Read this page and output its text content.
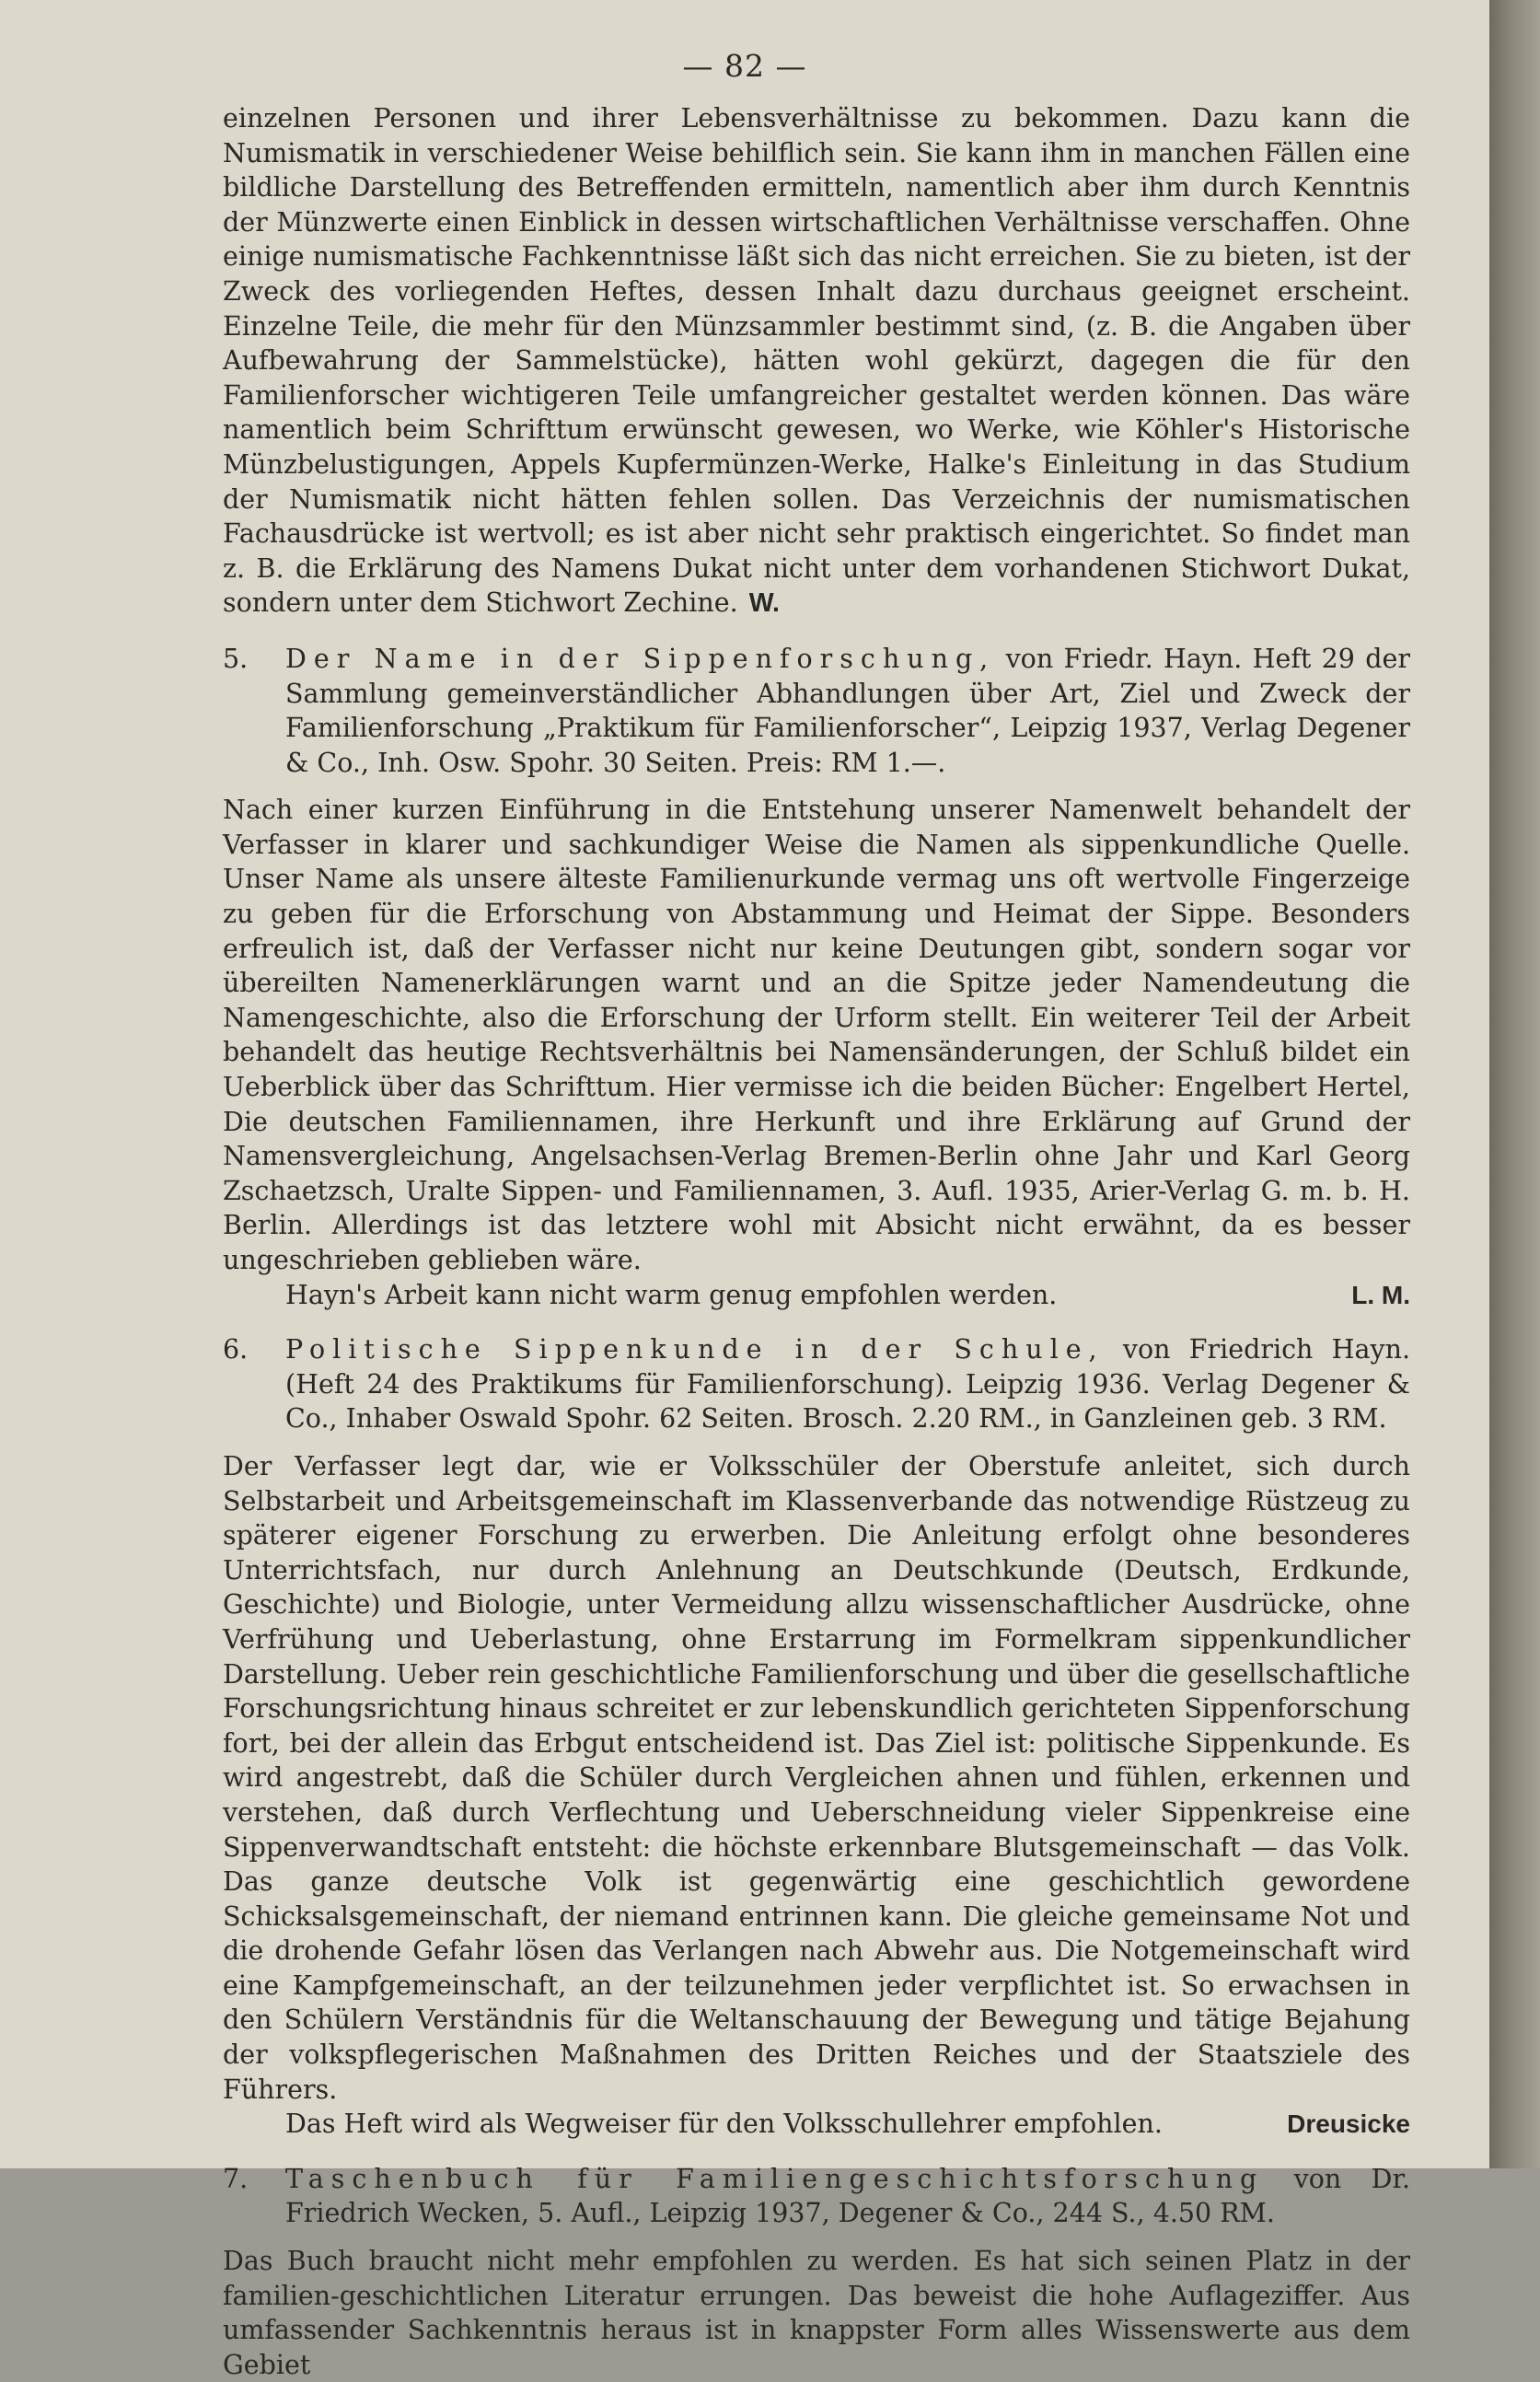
— 82 —

einzelnen Personen und ihrer Lebensverhältnisse zu bekommen. Dazu kann die Numismatik in verschiedener Weise behilflich sein. Sie kann ihm in manchen Fällen eine bildliche Darstellung des Betreffenden ermitteln, namentlich aber ihm durch Kenntnis der Münzwerte einen Einblick in dessen wirtschaftlichen Verhältnisse verschaffen. Ohne einige numismatische Fachkenntnisse läßt sich das nicht erreichen. Sie zu bieten, ist der Zweck des vorliegenden Heftes, dessen Inhalt dazu durchaus geeignet erscheint. Einzelne Teile, die mehr für den Münzsammler bestimmt sind, (z. B. die Angaben über Aufbewahrung der Sammelstücke), hätten wohl gekürzt, dagegen die für den Familienforscher wichtigeren Teile umfangreicher gestaltet werden können. Das wäre namentlich beim Schrifttum erwünscht gewesen, wo Werke, wie Köhler's Historische Münzbelustigungen, Appels Kupfermünzen-Werke, Halke's Einleitung in das Studium der Numismatik nicht hätten fehlen sollen. Das Verzeichnis der numismatischen Fachausdrücke ist wertvoll; es ist aber nicht sehr praktisch eingerichtet. So findet man z. B. die Erklärung des Namens Dukat nicht unter dem vorhandenen Stichwort Dukat, sondern unter dem Stichwort Zechine. W.

5. Der Name in der Sippenforschung, von Friedr. Hayn. Heft 29 der Sammlung gemeinverständlicher Abhandlungen über Art, Ziel und Zweck der Familienforschung „Praktikum für Familienforscher“, Leipzig 1937, Verlag Degener & Co., Inh. Osw. Spohr. 30 Seiten. Preis: RM 1.—.

Nach einer kurzen Einführung in die Entstehung unserer Namenwelt behandelt der Verfasser in klarer und sachkundiger Weise die Namen als sippenkundliche Quelle. Unser Name als unsere älteste Familienurkunde vermag uns oft wertvolle Fingerzeige zu geben für die Erforschung von Abstammung und Heimat der Sippe. Besonders erfreulich ist, daß der Verfasser nicht nur keine Deutungen gibt, sondern sogar vor übereilten Namenerklärungen warnt und an die Spitze jeder Namendeutung die Namengeschichte, also die Erforschung der Urform stellt. Ein weiterer Teil der Arbeit behandelt das heutige Rechtsverhältnis bei Namensänderungen, der Schluß bildet ein Ueberblick über das Schrifttum. Hier vermisse ich die beiden Bücher: Engelbert Hertel, Die deutschen Familiennamen, ihre Herkunft und ihre Erklärung auf Grund der Namensvergleichung, Angelsachsen-Verlag Bremen-Berlin ohne Jahr und Karl Georg Zschaetzsch, Uralte Sippen- und Familiennamen, 3. Aufl. 1935, Arier-Verlag G. m. b. H. Berlin. Allerdings ist das letztere wohl mit Absicht nicht erwähnt, da es besser ungeschrieben geblieben wäre.

L. M.
Hayn's Arbeit kann nicht warm genug empfohlen werden.

6. Politische Sippenkunde in der Schule, von Friedrich Hayn. (Heft 24 des Praktikums für Familienforschung). Leipzig 1936. Verlag Degener & Co., Inhaber Oswald Spohr. 62 Seiten. Brosch. 2.20 RM., in Ganzleinen geb. 3 RM.

Der Verfasser legt dar, wie er Volksschüler der Oberstufe anleitet, sich durch Selbstarbeit und Arbeitsgemeinschaft im Klassenverbande das notwendige Rüstzeug zu späterer eigener Forschung zu erwerben. Die Anleitung erfolgt ohne besonderes Unterrichtsfach, nur durch Anlehnung an Deutschkunde (Deutsch, Erdkunde, Geschichte) und Biologie, unter Vermeidung allzu wissenschaftlicher Ausdrücke, ohne Verfrühung und Ueberlastung, ohne Erstarrung im Formelkram sippenkundlicher Darstellung. Ueber rein geschichtliche Familienforschung und über die gesellschaftliche Forschungsrichtung hinaus schreitet er zur lebenskundlich gerichteten Sippenforschung fort, bei der allein das Erbgut entscheidend ist. Das Ziel ist: politische Sippenkunde. Es wird angestrebt, daß die Schüler durch Vergleichen ahnen und fühlen, erkennen und verstehen, daß durch Verflechtung und Ueberschneidung vieler Sippenkreise eine Sippenverwandtschaft entsteht: die höchste erkennbare Blutsgemeinschaft — das Volk. Das ganze deutsche Volk ist gegenwärtig eine geschichtlich gewordene Schicksalsgemeinschaft, der niemand entrinnen kann. Die gleiche gemeinsame Not und die drohende Gefahr lösen das Verlangen nach Abwehr aus. Die Notgemeinschaft wird eine Kampfgemeinschaft, an der teilzunehmen jeder verpflichtet ist. So erwachsen in den Schülern Verständnis für die Weltanschauung der Bewegung und tätige Bejahung der volkspflegerischen Maßnahmen des Dritten Reiches und der Staatsziele des Führers.

Dreusicke
Das Heft wird als Wegweiser für den Volksschullehrer empfohlen.

7. Taschenbuch für Familiengeschichtsforschung von Dr. Friedrich Wecken, 5. Aufl., Leipzig 1937, Degener & Co., 244 S., 4.50 RM.

Das Buch braucht nicht mehr empfohlen zu werden. Es hat sich seinen Platz in der familien-geschichtlichen Literatur errungen. Das beweist die hohe Auflageziffer. Aus umfassender Sachkenntnis heraus ist in knappster Form alles Wissenswerte aus dem Gebiet
